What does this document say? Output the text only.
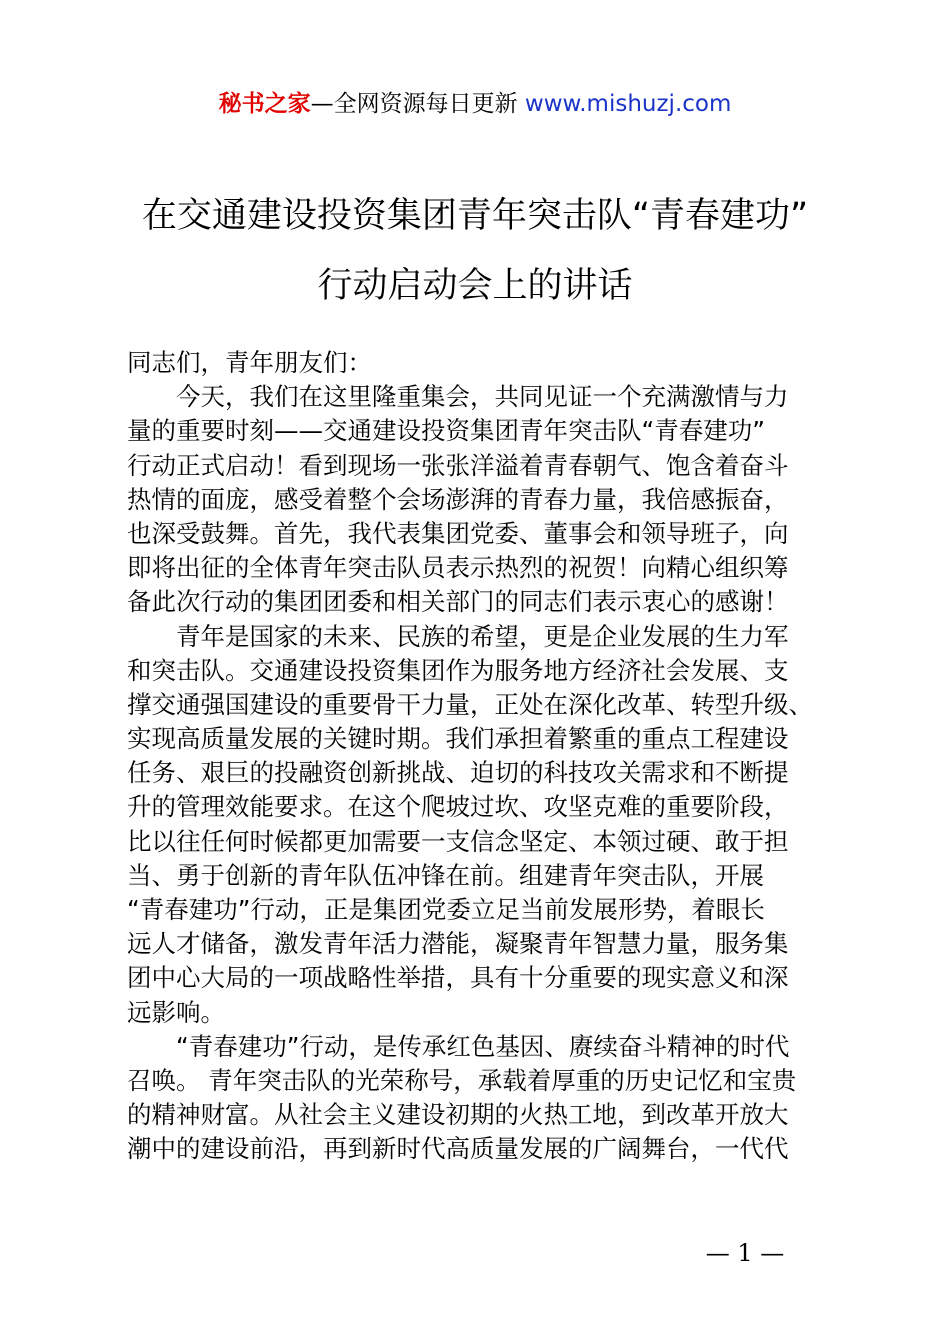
秘书之家—全网资源每日更新 www.mishuzj.com
在交通建设投资集团青年突击队“青春建功”
行动启动会上的讲话
同志们，青年朋友们：
　　今天，我们在这里隆重集会，共同见证一个充满激情与力
量的重要时刻——交通建设投资集团青年突击队“青春建功”
行动正式启动！看到现场一张张洋溢着青春朝气、饱含着奋斗
热情的面庞，感受着整个会场澎湃的青春力量，我倍感振奋，
也深受鼓舞。首先，我代表集团党委、董事会和领导班子，向
即将出征的全体青年突击队员表示热烈的祝贺！向精心组织筹
备此次行动的集团团委和相关部门的同志们表示衷心的感谢！
　　青年是国家的未来、民族的希望，更是企业发展的生力军
和突击队。交通建设投资集团作为服务地方经济社会发展、支
撑交通强国建设的重要骨干力量，正处在深化改革、转型升级、
实现高质量发展的关键时期。我们承担着繁重的重点工程建设
任务、艰巨的投融资创新挑战、迫切的科技攻关需求和不断提
升的管理效能要求。在这个爬坡过坎、攻坚克难的重要阶段，
比以往任何时候都更加需要一支信念坚定、本领过硬、敢于担
当、勇于创新的青年队伍冲锋在前。组建青年突击队，开展
“青春建功”行动，正是集团党委立足当前发展形势，着眼长
远人才储备，激发青年活力潜能，凝聚青年智慧力量，服务集
团中心大局的一项战略性举措，具有十分重要的现实意义和深
远影响。
　　“青春建功”行动，是传承红色基因、赓续奋斗精神的时代
召唤。 青年突击队的光荣称号，承载着厚重的历史记忆和宝贵
的精神财富。从社会主义建设初期的火热工地，到改革开放大
潮中的建设前沿，再到新时代高质量发展的广阔舞台，一代代
— 1 —
